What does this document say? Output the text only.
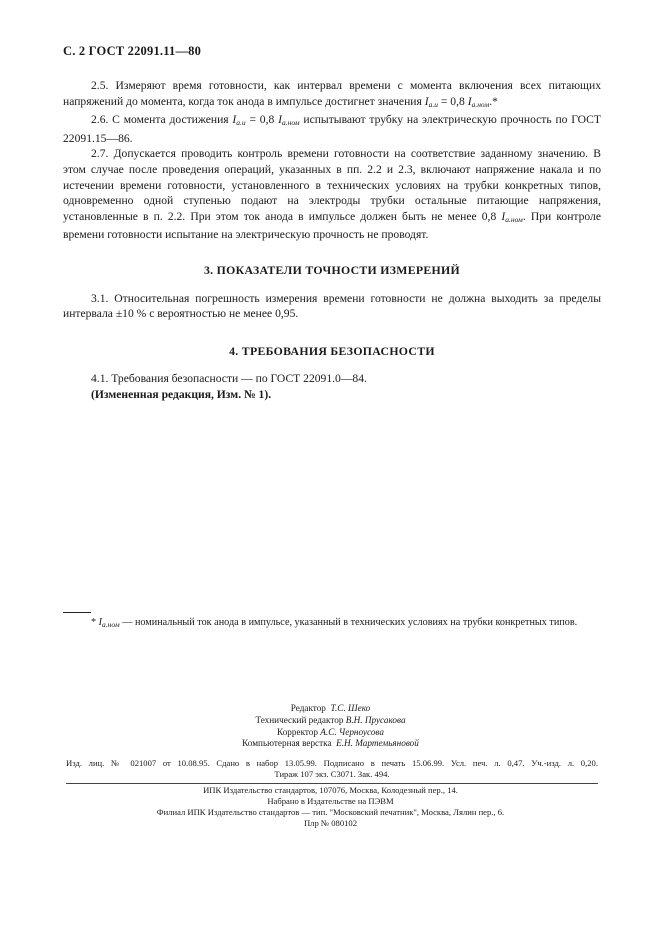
С. 2 ГОСТ 22091.11—80

2.5. Измеряют время готовности, как интервал времени с момента включения всех питающих напряжений до момента, когда ток анода в импульсе достигнет значения $I_{а.и} = 0,8$ $I_{а.ном}.*$

2.6. С момента достижения $I_{а.и} = 0,8$ $I_{а.ном}$ испытывают трубку на электрическую прочность по ГОСТ 22091.15—86.

2.7. Допускается проводить контроль времени готовности на соответствие заданному значению. В этом случае после проведения операций, указанных в пп. 2.2 и 2.3, включают напряжение накала и по истечении времени готовности, установленного в технических условиях на трубки конкретных типов, одновременно одной ступенью подают на электроды трубки остальные питающие напряжения, установленные в п. 2.2. При этом ток анода в импульсе должен быть не менее 0,8 $I_{а.ном}$. При контроле времени готовности испытание на электрическую прочность не проводят.

3. ПОКАЗАТЕЛИ ТОЧНОСТИ ИЗМЕРЕНИЙ

3.1. Относительная погрешность измерения времени готовности не должна выходить за пределы интервала ±10 % с вероятностью не менее 0,95.

4. ТРЕБОВАНИЯ БЕЗОПАСНОСТИ

4.1. Требования безопасности — по ГОСТ 22091.0—84.

(Измененная редакция, Изм. № 1).

* $I_{а.ном}$ — номинальный ток анода в импульсе, указанный в технических условиях на трубки конкретных типов.
Редактор Т.С. Шеко
Технический редактор В.Н. Прусакова
Корректор А.С. Черноусова
Компьютерная верстка Е.Н. Мартемьяновой
Изд. лиц. № 021007 от 10.08.95. Сдано в набор 13.05.99. Подписано в печать 15.06.99. Усл. печ. л. 0,47. Уч.-изд. л. 0,20.
Тираж 107 экз. С3071. Зак. 494.
ИПК Издательство стандартов, 107076, Москва, Колодезный пер., 14.
Набрано в Издательстве на ПЭВМ
Филиал ИПК Издательство стандартов — тип. "Московский печатник", Москва, Лялин пер., 6.
Плр № 080102
